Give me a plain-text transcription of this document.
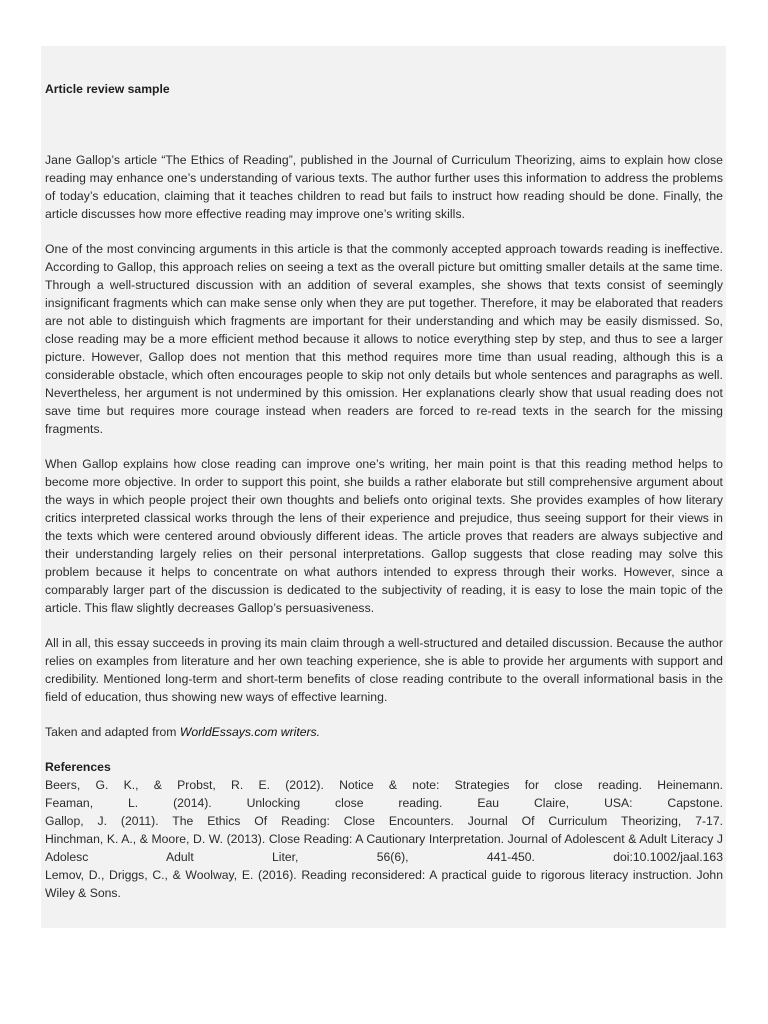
Article review sample

Jane Gallop’s article “The Ethics of Reading”, published in the Journal of Curriculum Theorizing, aims to explain how close reading may enhance one’s understanding of various texts. The author further uses this information to address the problems of today’s education, claiming that it teaches children to read but fails to instruct how reading should be done. Finally, the article discusses how more effective reading may improve one’s writing skills.

One of the most convincing arguments in this article is that the commonly accepted approach towards reading is ineffective. According to Gallop, this approach relies on seeing a text as the overall picture but omitting smaller details at the same time. Through a well-structured discussion with an addition of several examples, she shows that texts consist of seemingly insignificant fragments which can make sense only when they are put together. Therefore, it may be elaborated that readers are not able to distinguish which fragments are important for their understanding and which may be easily dismissed. So, close reading may be a more efficient method because it allows to notice everything step by step, and thus to see a larger picture. However, Gallop does not mention that this method requires more time than usual reading, although this is a considerable obstacle, which often encourages people to skip not only details but whole sentences and paragraphs as well. Nevertheless, her argument is not undermined by this omission. Her explanations clearly show that usual reading does not save time but requires more courage instead when readers are forced to re-read texts in the search for the missing fragments.

When Gallop explains how close reading can improve one’s writing, her main point is that this reading method helps to become more objective. In order to support this point, she builds a rather elaborate but still comprehensive argument about the ways in which people project their own thoughts and beliefs onto original texts. She provides examples of how literary critics interpreted classical works through the lens of their experience and prejudice, thus seeing support for their views in the texts which were centered around obviously different ideas. The article proves that readers are always subjective and their understanding largely relies on their personal interpretations. Gallop suggests that close reading may solve this problem because it helps to concentrate on what authors intended to express through their works. However, since a comparably larger part of the discussion is dedicated to the subjectivity of reading, it is easy to lose the main topic of the article. This flaw slightly decreases Gallop’s persuasiveness.

All in all, this essay succeeds in proving its main claim through a well-structured and detailed discussion. Because the author relies on examples from literature and her own teaching experience, she is able to provide her arguments with support and credibility. Mentioned long-term and short-term benefits of close reading contribute to the overall informational basis in the field of education, thus showing new ways of effective learning.

Taken and adapted from WorldEssays.com writers.

References

Beers, G. K., & Probst, R. E. (2012). Notice & note: Strategies for close reading. Heinemann.

Feaman, L. (2014). Unlocking close reading. Eau Claire, USA: Capstone.

Gallop, J. (2011). The Ethics Of Reading: Close Encounters. Journal Of Curriculum Theorizing, 7-17.

Hinchman, K. A., & Moore, D. W. (2013). Close Reading: A Cautionary Interpretation. Journal of Adolescent & Adult Literacy J Adolesc Adult Liter, 56(6), 441-450. doi:10.1002/jaal.163

Lemov, D., Driggs, C., & Woolway, E. (2016). Reading reconsidered: A practical guide to rigorous literacy instruction. John Wiley & Sons.
